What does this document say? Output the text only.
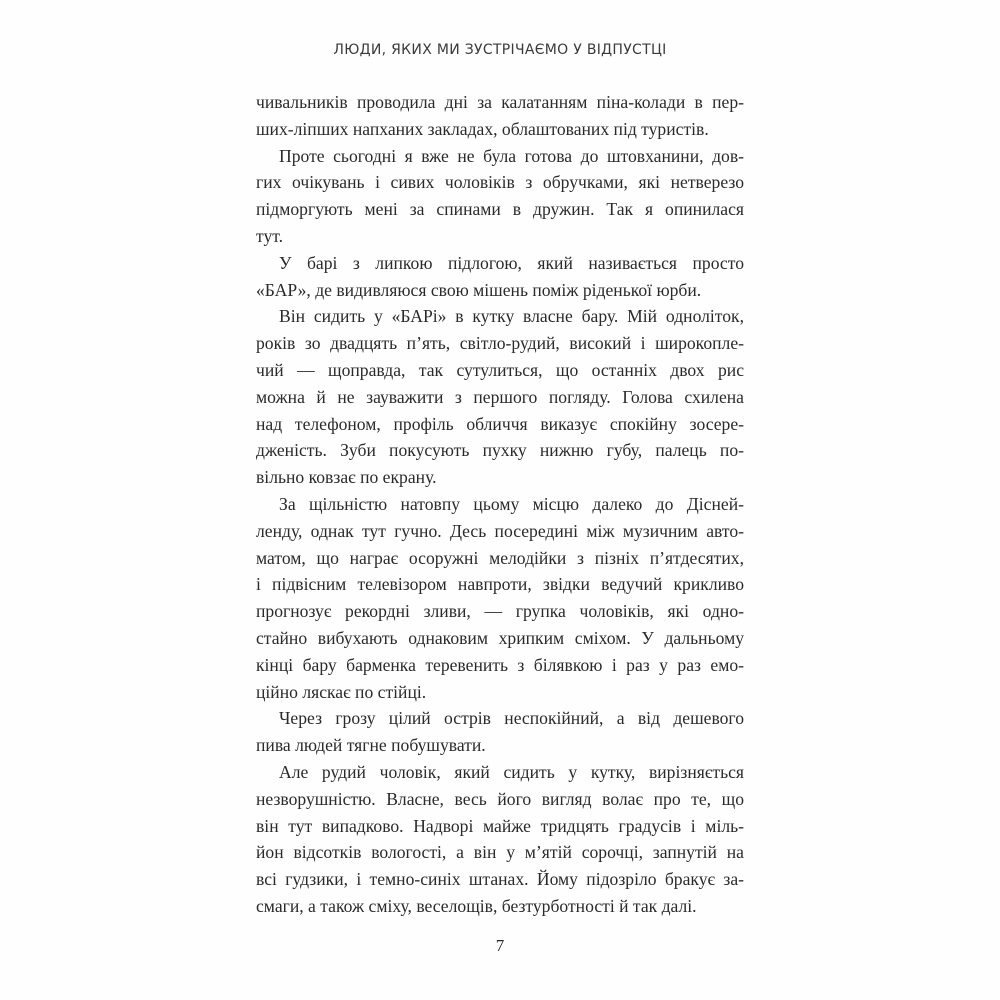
ЛЮДИ, ЯКИХ МИ ЗУСТРІЧАЄМО У ВІДПУСТЦІ
чивальників проводила дні за калатанням піна-колади в пер-
ших-ліпших напханих закладах, облаштованих під туристів.
Проте сьогодні я вже не була готова до штовханини, дов-
гих очікувань і сивих чоловіків з обручками, які нетверезо
підморгують мені за спинами в дружин. Так я опинилася
тут.
У барі з липкою підлогою, який називається просто
«БАР», де видивляюся свою мішень поміж ріденької юрби.
Він сидить у «БАРі» в кутку власне бару. Мій одноліток,
років зо двадцять п’ять, світло-рудий, високий і широкопле-
чий — щоправда, так сутулиться, що останніх двох рис
можна й не зауважити з першого погляду. Голова схилена
над телефоном, профіль обличчя виказує спокійну зосере-
дженість. Зуби покусують пухку нижню губу, палець по-
вільно ковзає по екрану.
За щільністю натовпу цьому місцю далеко до Дісней-
ленду, однак тут гучно. Десь посередині між музичним авто-
матом, що награє осоружні мелодійки з пізніх п’ятдесятих,
і підвісним телевізором навпроти, звідки ведучий крикливо
прогнозує рекордні зливи, — групка чоловіків, які одно-
стайно вибухають однаковим хрипким сміхом. У дальньому
кінці бару барменка теревенить з білявкою і раз у раз емо-
ційно ляскає по стійці.
Через грозу цілий острів неспокійний, а від дешевого
пива людей тягне побушувати.
Але рудий чоловік, який сидить у кутку, вирізняється
незворушністю. Власне, весь його вигляд волає про те, що
він тут випадково. Надворі майже тридцять градусів і міль-
йон відсотків вологості, а він у м’ятій сорочці, запнутій на
всі гудзики, і темно-синіх штанах. Йому підозріло бракує за-
смаги, а також сміху, веселощів, безтурботності й так далі.
7
